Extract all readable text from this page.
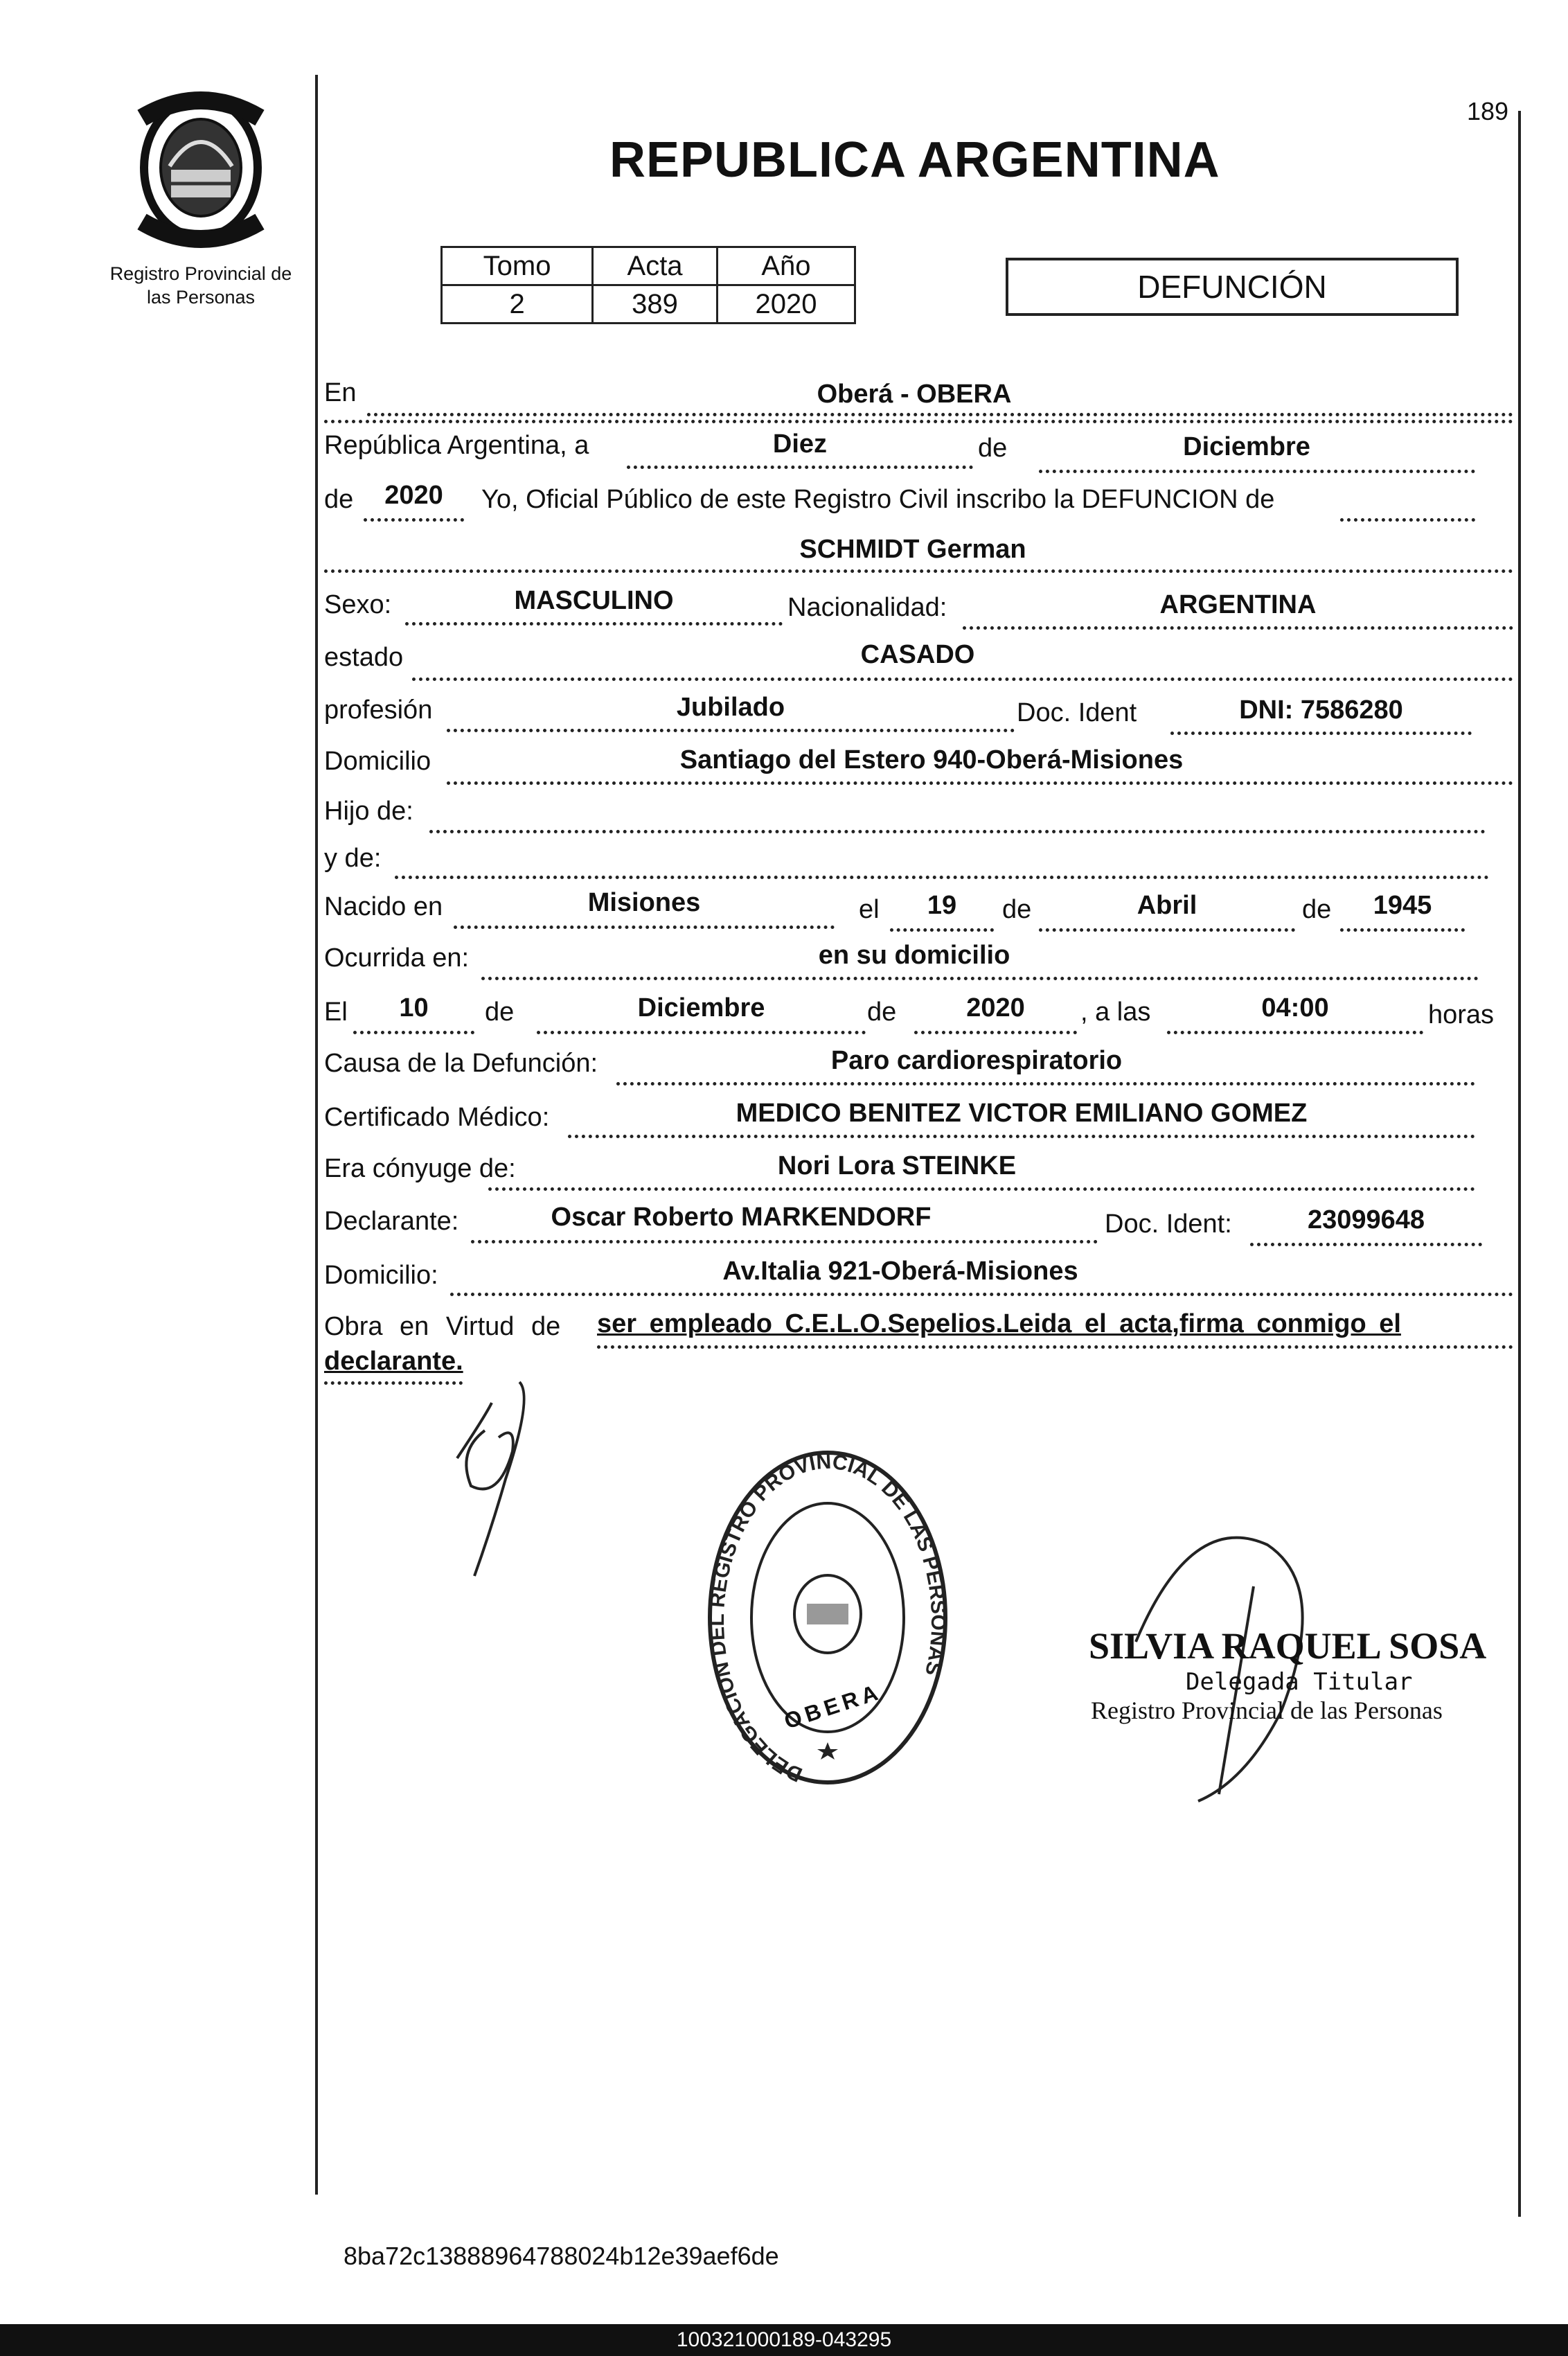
Registro Provincial de
las Personas
189
REPUBLICA ARGENTINA
Tomo	Acta	Año
2	389	2020	DEFUNCIÓN
En	Oberá - OBERA
República Argentina, a	Diez	de	Diciembre
de	2020	Yo, Oficial Público de este Registro Civil inscribo la DEFUNCION de
SCHMIDT German
Sexo:	MASCULINO	Nacionalidad:	ARGENTINA
estado	CASADO
profesión	Jubilado	Doc. Ident	DNI: 7586280
Domicilio	Santiago del Estero 940-Oberá-Misiones
Hijo de:
y de:
Nacido en	Misiones	el	19	de	Abril	de	1945
Ocurrida en:	en su domicilio
El	10	de	Diciembre	de	2020	, a las	04:00	horas
Causa de la Defunción:	Paro cardiorespiratorio
Certificado Médico:	MEDICO BENITEZ VICTOR EMILIANO GOMEZ
Era cónyuge de:	Nori Lora STEINKE
Declarante:	Oscar Roberto MARKENDORF	Doc. Ident:	23099648
Domicilio:	Av.Italia 921-Oberá-Misiones
Obra en Virtud de ser empleado C.E.L.O.Sepelios.Leida el acta,firma conmigo el
declarante.
DELEGACION DEL REGISTRO PROVINCIAL DE LAS PERSONAS
OBERA
SILVIA RAQUEL SOSA
Delegada Titular
Registro Provincial de las Personas
8ba72c13888964788024b12e39aef6de
100321000189-043295
